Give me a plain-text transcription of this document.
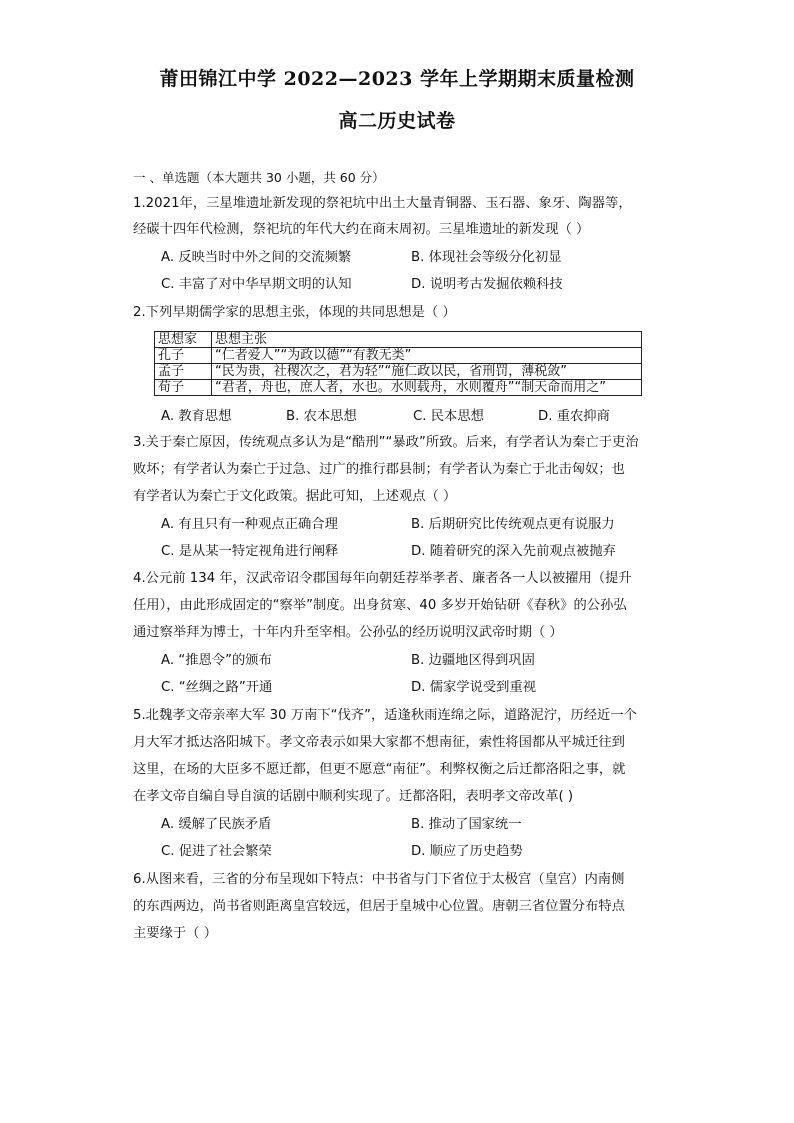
莆田锦江中学 2022—2023 学年上学期期末质量检测
高二历史试卷
一 、单选题（本大题共 30 小题，共 60 分）
1.2021年，三星堆遗址新发现的祭祀坑中出土大量青铜器、玉石器、象牙、陶器等，
经碳十四年代检测，祭祀坑的年代大约在商末周初。三星堆遗址的新发现（ ）
A. 反映当时中外之间的交流频繁	B. 体现社会等级分化初显
C. 丰富了对中华早期文明的认知	D. 说明考古发掘依赖科技
2.下列早期儒学家的思想主张，体现的共同思想是（ ）
思想家	思想主张
孔子	“仁者爱人”“为政以德”“有教无类”
孟子	“民为贵，社稷次之，君为轻”“施仁政以民，省刑罚，薄税敛”
荀子	“君者，舟也，庶人者，水也。水则载舟，水则覆舟”“制天命而用之”
A. 教育思想	B. 农本思想	C. 民本思想	D. 重农抑商
3.关于秦亡原因，传统观点多认为是“酷刑”“暴政”所致。后来，有学者认为秦亡于吏治
败坏；有学者认为秦亡于过急、过广的推行郡县制；有学者认为秦亡于北击匈奴；也
有学者认为秦亡于文化政策。据此可知，上述观点（ ）
A. 有且只有一种观点正确合理	B. 后期研究比传统观点更有说服力
C. 是从某一特定视角进行阐释	D. 随着研究的深入先前观点被抛弃
4.公元前 134 年，汉武帝诏令郡国每年向朝廷荐举孝者、廉者各一人以被擢用（提升
任用），由此形成固定的“察举”制度。出身贫寒、40 多岁开始钻研《春秋》的公孙弘
通过察举拜为博士，十年内升至宰相。公孙弘的经历说明汉武帝时期（ ）
A. “推恩令”的颁布	B. 边疆地区得到巩固
C. “丝绸之路”开通	D. 儒家学说受到重视
5.北魏孝文帝亲率大军 30 万南下“伐齐”，适逢秋雨连绵之际，道路泥泞，历经近一个
月大军才抵达洛阳城下。孝文帝表示如果大家都不想南征，索性将国都从平城迁往到
这里，在场的大臣多不愿迁都，但更不愿意“南征”。利弊权衡之后迁都洛阳之事，就
在孝文帝自编自导自演的话剧中顺利实现了。迁都洛阳，表明孝文帝改革( )
A. 缓解了民族矛盾	B. 推动了国家统一
C. 促进了社会繁荣	D. 顺应了历史趋势
6.从图来看，三省的分布呈现如下特点：中书省与门下省位于太极宫（皇宫）内南侧
的东西两边，尚书省则距离皇宫较远，但居于皇城中心位置。唐朝三省位置分布特点
主要缘于（ ）
